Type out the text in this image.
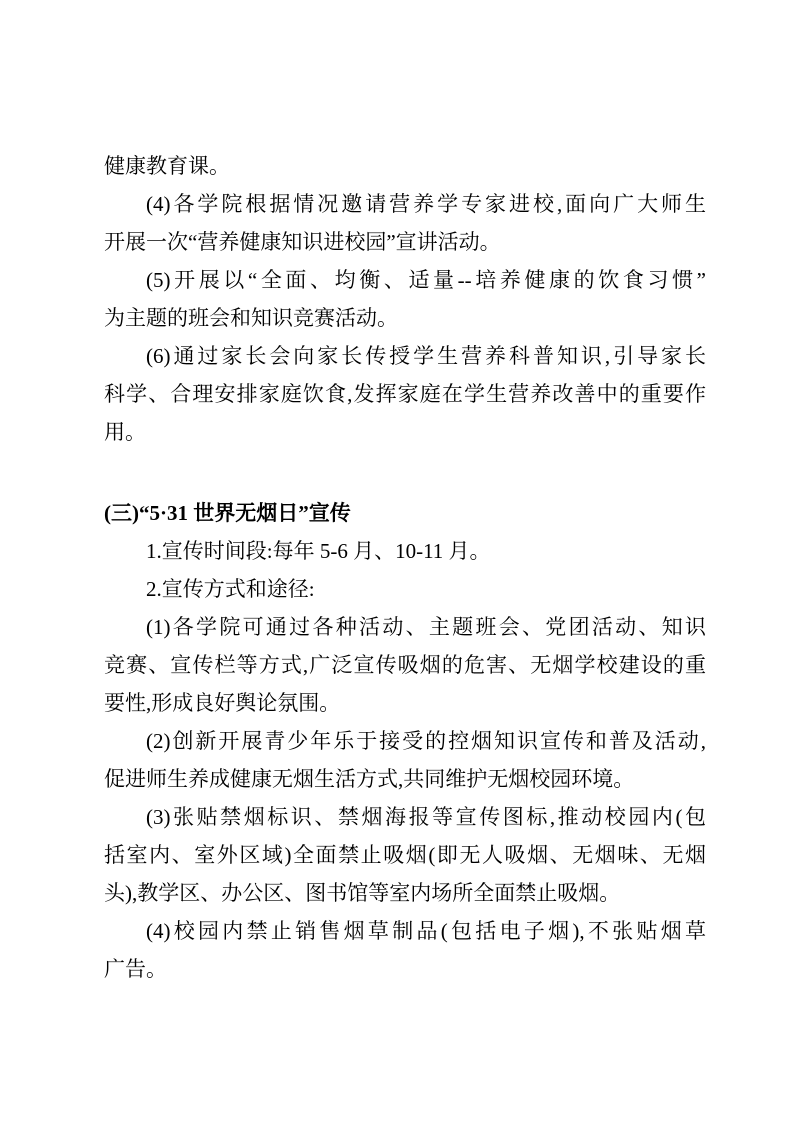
健康教育课。
(4)各学院根据情况邀请营养学专家进校,面向广大师生
开展一次“营养健康知识进校园”宣讲活动。
(5)开展以“全面、均衡、适量--培养健康的饮食习惯”
为主题的班会和知识竞赛活动。
(6)通过家长会向家长传授学生营养科普知识,引导家长
科学、合理安排家庭饮食,发挥家庭在学生营养改善中的重要作
用。
(三)“5·31 世界无烟日”宣传
1.宣传时间段:每年 5-6 月、10-11 月。
2.宣传方式和途径:
(1)各学院可通过各种活动、主题班会、党团活动、知识
竞赛、宣传栏等方式,广泛宣传吸烟的危害、无烟学校建设的重
要性,形成良好舆论氛围。
(2)创新开展青少年乐于接受的控烟知识宣传和普及活动,
促进师生养成健康无烟生活方式,共同维护无烟校园环境。
(3)张贴禁烟标识、禁烟海报等宣传图标,推动校园内(包
括室内、室外区域)全面禁止吸烟(即无人吸烟、无烟味、无烟
头),教学区、办公区、图书馆等室内场所全面禁止吸烟。
(4)校园内禁止销售烟草制品(包括电子烟),不张贴烟草
广告。
